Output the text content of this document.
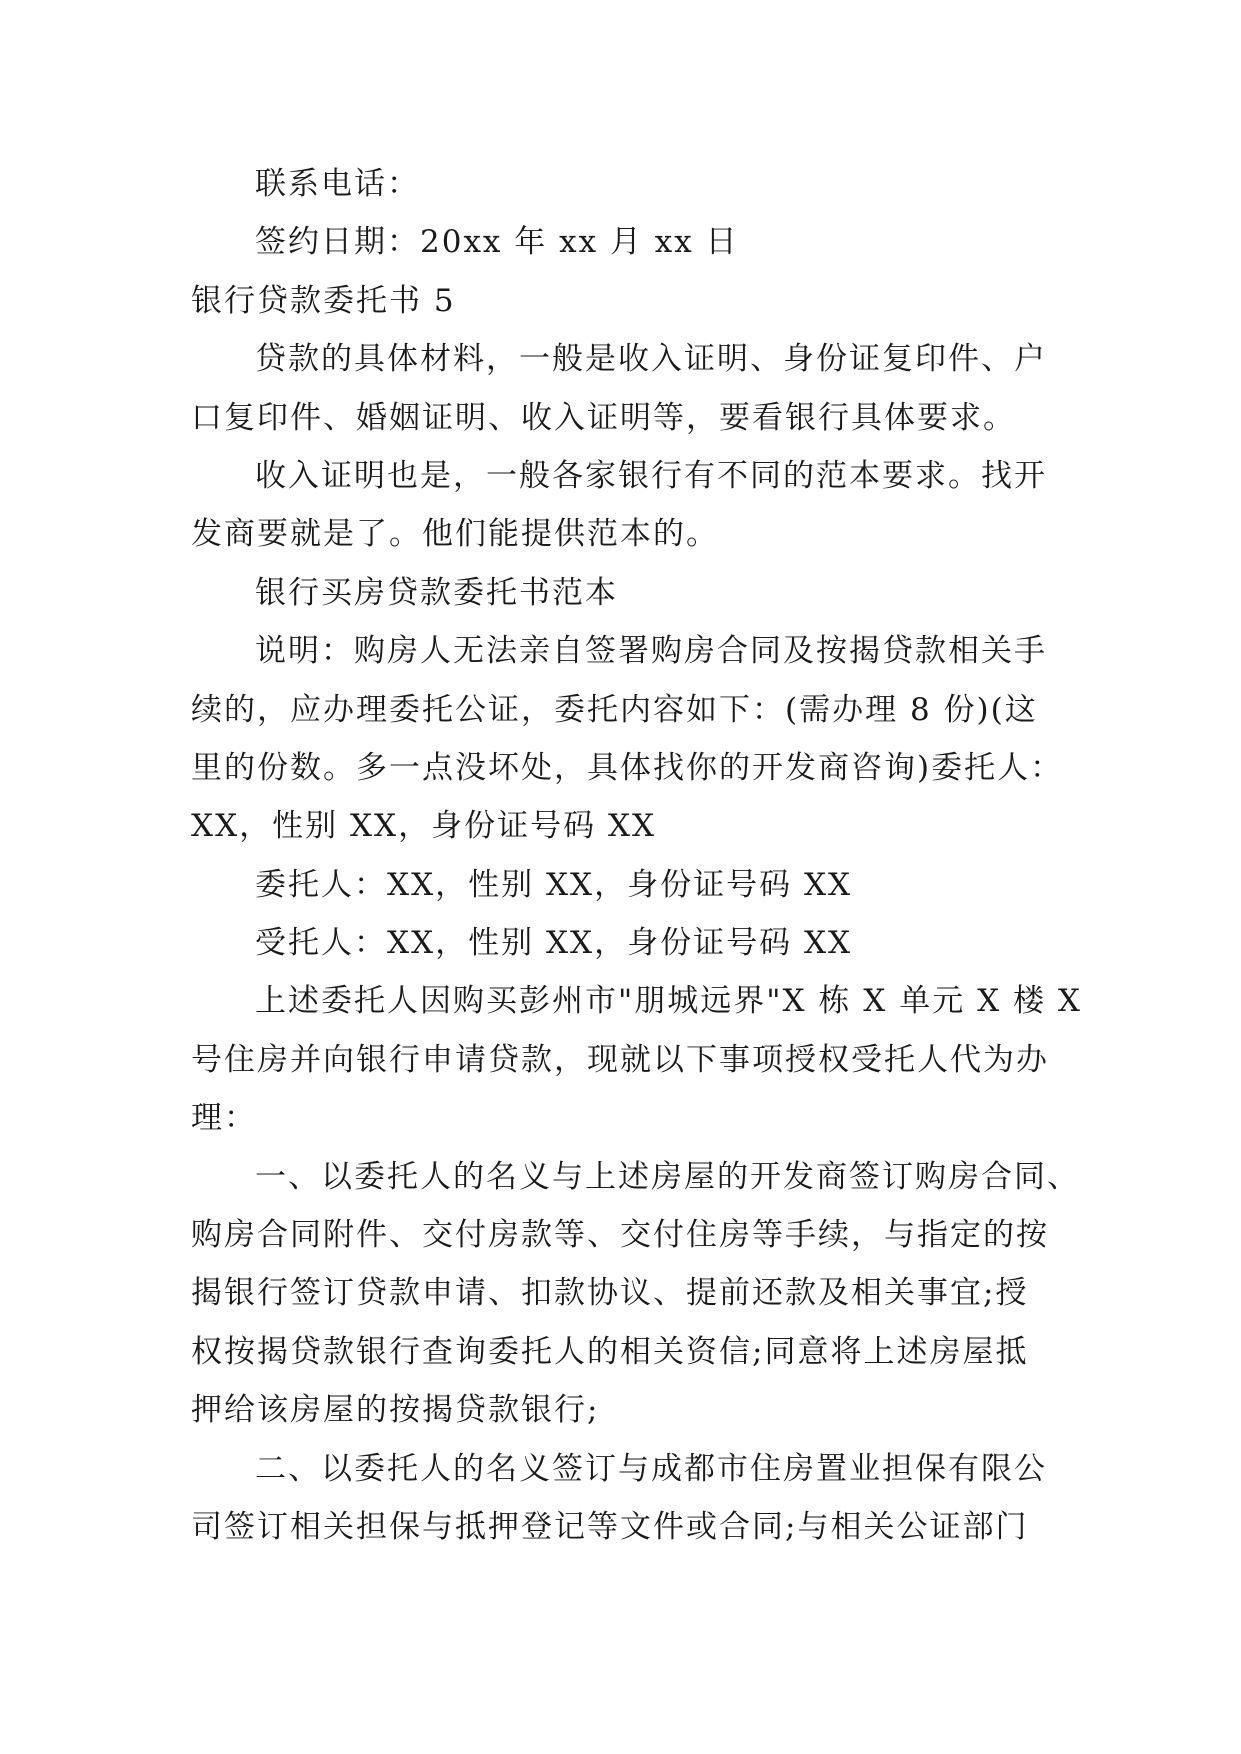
联系电话：
签约日期：20xx 年 xx 月 xx 日
银行贷款委托书 5
贷款的具体材料，一般是收入证明、身份证复印件、户
口复印件、婚姻证明、收入证明等，要看银行具体要求。
收入证明也是，一般各家银行有不同的范本要求。找开
发商要就是了。他们能提供范本的。
银行买房贷款委托书范本
说明：购房人无法亲自签署购房合同及按揭贷款相关手
续的，应办理委托公证，委托内容如下：(需办理 8 份)(这
里的份数。多一点没坏处，具体找你的开发商咨询)委托人：
XX，性别 XX，身份证号码 XX
委托人：XX，性别 XX，身份证号码 XX
受托人：XX，性别 XX，身份证号码 XX
上述委托人因购买彭州市"朋城远界"X 栋 X 单元 X 楼 X
号住房并向银行申请贷款，现就以下事项授权受托人代为办
理：
一、以委托人的名义与上述房屋的开发商签订购房合同、
购房合同附件、交付房款等、交付住房等手续，与指定的按
揭银行签订贷款申请、扣款协议、提前还款及相关事宜;授
权按揭贷款银行查询委托人的相关资信;同意将上述房屋抵
押给该房屋的按揭贷款银行;
二、以委托人的名义签订与成都市住房置业担保有限公
司签订相关担保与抵押登记等文件或合同;与相关公证部门
